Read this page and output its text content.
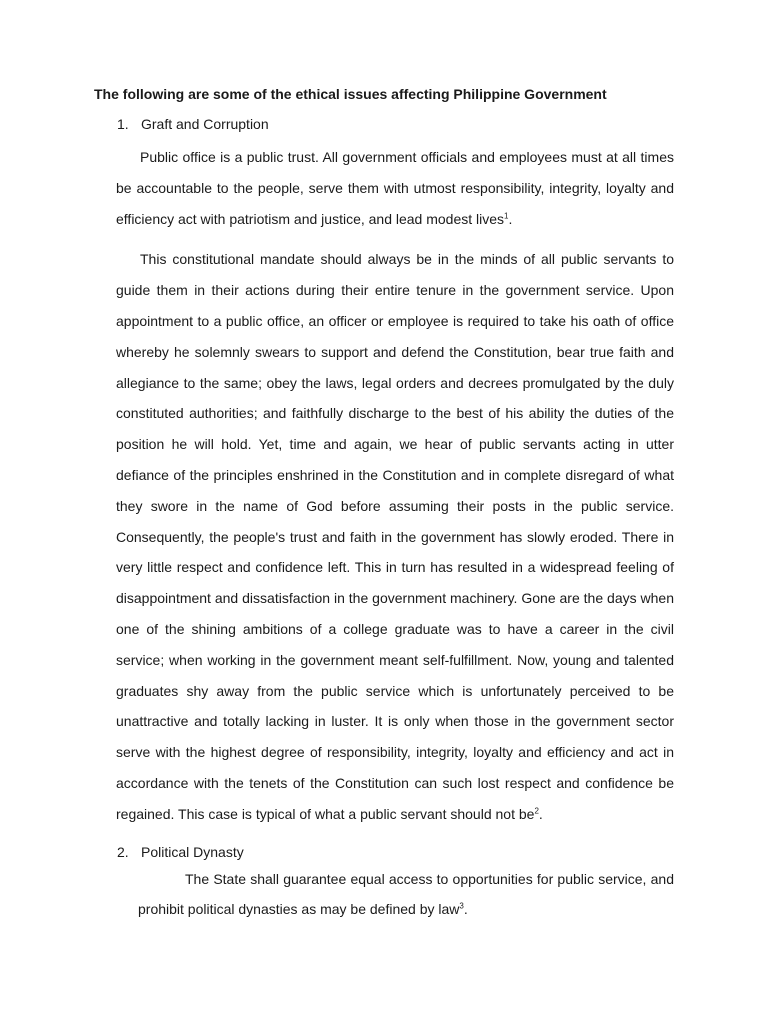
The following are some of the ethical issues affecting Philippine Government
1. Graft and Corruption

Public office is a public trust. All government officials and employees must at all times be accountable to the people, serve them with utmost responsibility, integrity, loyalty and efficiency act with patriotism and justice, and lead modest lives$^1$.

This constitutional mandate should always be in the minds of all public servants to guide them in their actions during their entire tenure in the government service. Upon appointment to a public office, an officer or employee is required to take his oath of office whereby he solemnly swears to support and defend the Constitution, bear true faith and allegiance to the same; obey the laws, legal orders and decrees promulgated by the duly constituted authorities; and faithfully discharge to the best of his ability the duties of the position he will hold. Yet, time and again, we hear of public servants acting in utter defiance of the principles enshrined in the Constitution and in complete disregard of what they swore in the name of God before assuming their posts in the public service. Consequently, the people's trust and faith in the government has slowly eroded. There in very little respect and confidence left. This in turn has resulted in a widespread feeling of disappointment and dissatisfaction in the government machinery. Gone are the days when one of the shining ambitions of a college graduate was to have a career in the civil service; when working in the government meant self-fulfillment. Now, young and talented graduates shy away from the public service which is unfortunately perceived to be unattractive and totally lacking in luster. It is only when those in the government sector serve with the highest degree of responsibility, integrity, loyalty and efficiency and act in accordance with the tenets of the Constitution can such lost respect and confidence be regained. This case is typical of what a public servant should not $be^2$.

2. Political Dynasty

The State shall guarantee equal access to opportunities for public service, and prohibit political dynasties as may be defined by law$^3$.
